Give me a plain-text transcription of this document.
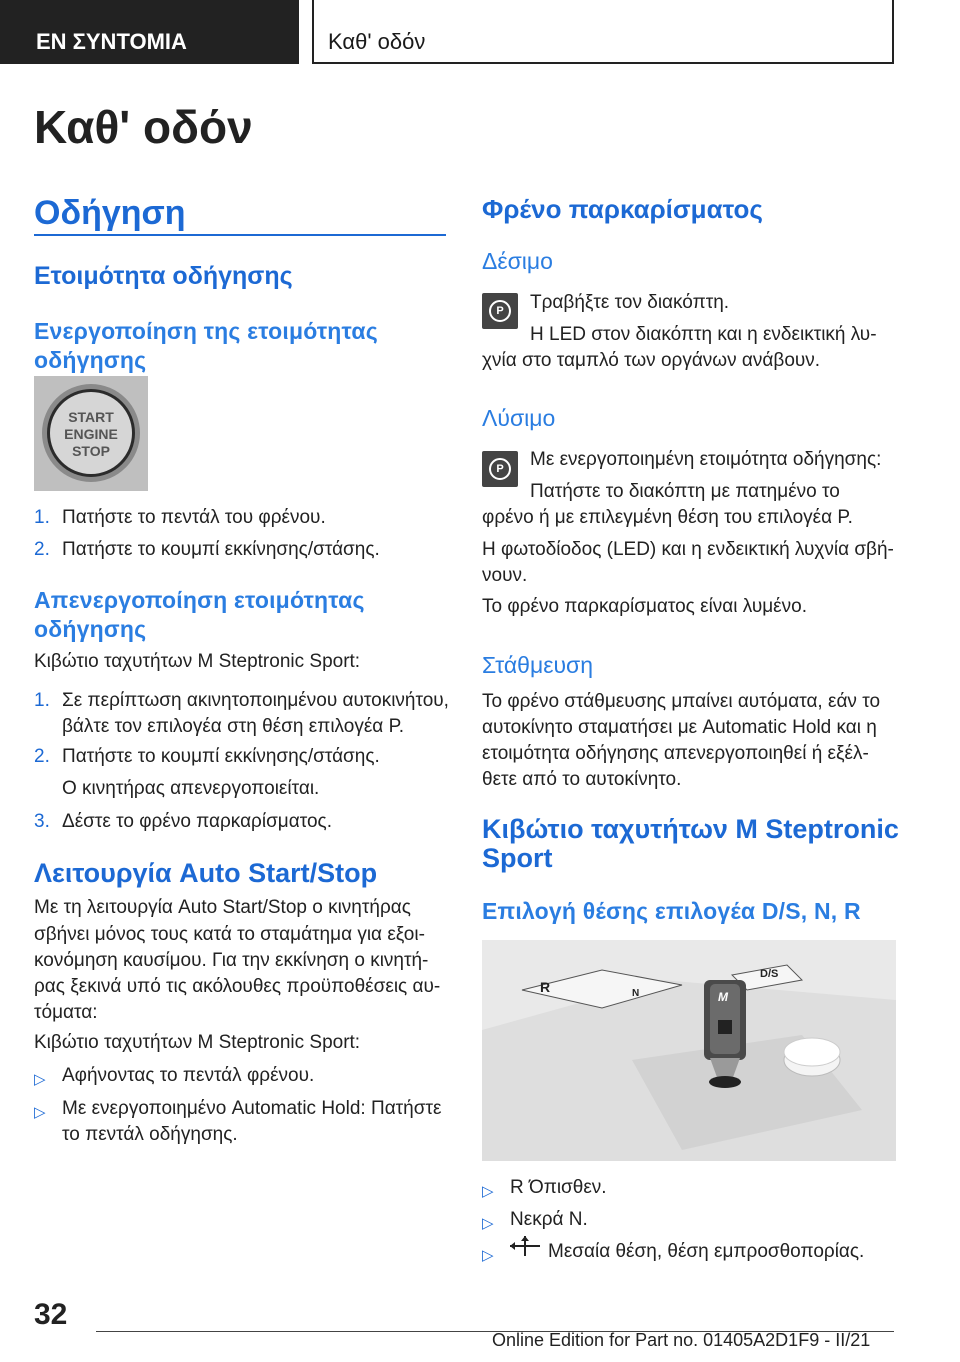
ΕΝ ΣΥΝΤΟΜΙΑ	Καθ' οδόν
Καθ' οδόν
Οδήγηση
Ετοιμότητα οδήγησης
Ενεργοποίηση της ετοιμότητας οδήγησης
START
ENGINE
STOP
1. Πατήστε το πεντάλ του φρένου.
2. Πατήστε το κουμπί εκκίνησης/στάσης.
Απενεργοποίηση ετοιμότητας οδήγησης
Κιβώτιο ταχυτήτων M Steptronic Sport:
1. Σε περίπτωση ακινητοποιημένου αυτοκινήτου,
βάλτε τον επιλογέα στη θέση επιλογέα P.
2. Πατήστε το κουμπί εκκίνησης/στάσης.
Ο κινητήρας απενεργοποιείται.
3. Δέστε το φρένο παρκαρίσματος.
Λειτουργία Auto Start/Stop
Με τη λειτουργία Auto Start/Stop ο κινητήρας
σβήνει μόνος τους κατά το σταμάτημα για εξοι-
κονόμηση καυσίμου. Για την εκκίνηση ο κινητή-
ρας ξεκινά υπό τις ακόλουθες προϋποθέσεις αυ-
τόματα:
Κιβώτιο ταχυτήτων M Steptronic Sport:
▷ Αφήνοντας το πεντάλ φρένου.
▷ Με ενεργοποιημένο Automatic Hold: Πατήστε
το πεντάλ οδήγησης.
Φρένο παρκαρίσματος
Δέσιμο
P	Τραβήξτε τον διακόπτη.
Η LED στον διακόπτη και η ενδεικτική λυ-
χνία στο ταμπλό των οργάνων ανάβουν.
Λύσιμο
P	Με ενεργοποιημένη ετοιμότητα οδήγησης:
Πατήστε το διακόπτη με πατημένο το
φρένο ή με επιλεγμένη θέση του επιλογέα P.
Η φωτοδίοδος (LED) και η ενδεικτική λυχνία σβή-
νουν.
Το φρένο παρκαρίσματος είναι λυμένο.
Στάθμευση
Το φρένο στάθμευσης μπαίνει αυτόματα, εάν το
αυτοκίνητο σταματήσει με Automatic Hold και η
ετοιμότητα οδήγησης απενεργοποιηθεί ή εξέλ-
θετε από το αυτοκίνητο.
Κιβώτιο ταχυτήτων M Steptronic
Sport
Επιλογή θέσης επιλογέα D/S, N, R
R	N
D/S
M
▷ R Όπισθεν.
▷ Νεκρά N.
▷	Μεσαία θέση, θέση εμπροσθοπορίας.
32
Online Edition for Part no. 01405A2D1F9 - II/21
